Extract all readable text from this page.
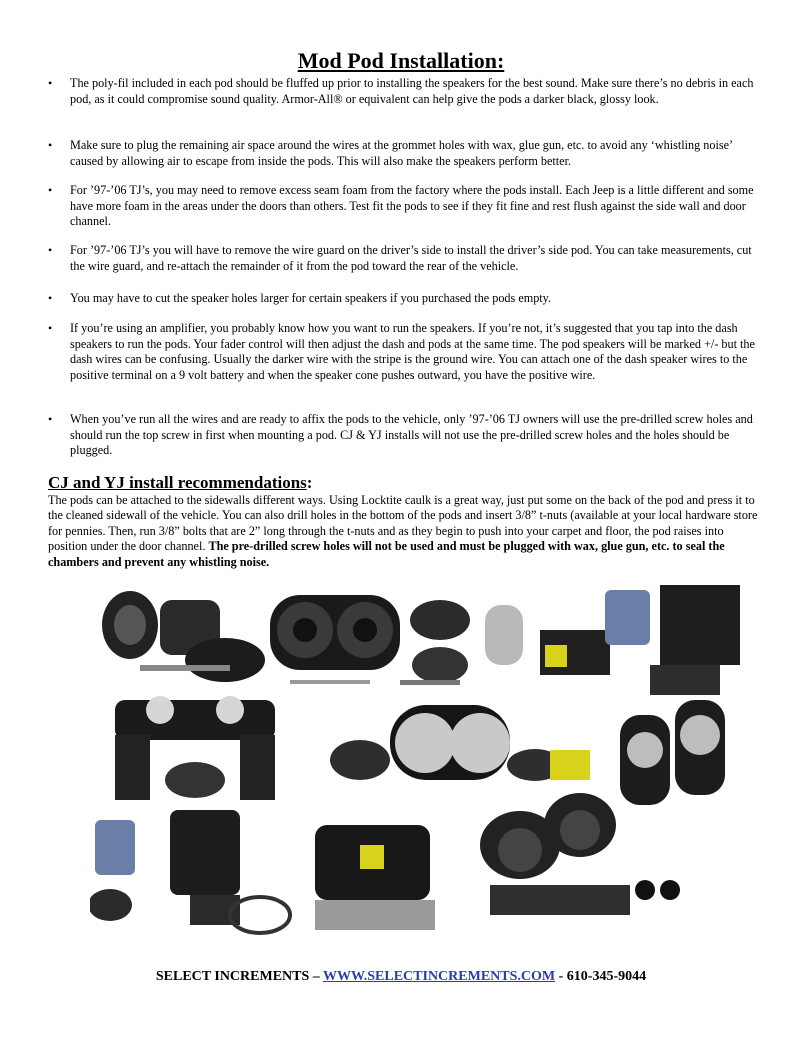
Mod Pod Installation:
• The poly-fil included in each pod should be fluffed up prior to installing the speakers for the best sound. Make sure there’s no debris in each pod, as it could compromise sound quality. Armor-All® or equivalent can help give the pods a darker black, glossy look.
• Make sure to plug the remaining air space around the wires at the grommet holes with wax, glue gun, etc. to avoid any ‘whistling noise’ caused by allowing air to escape from inside the pods. This will also make the speakers perform better.
• For ’97-’06 TJ’s, you may need to remove excess seam foam from the factory where the pods install. Each Jeep is a little different and some have more foam in the areas under the doors than others. Test fit the pods to see if they fit fine and rest flush against the side wall and door channel.
• For ’97-’06 TJ’s you will have to remove the wire guard on the driver’s side to install the driver’s side pod. You can take measurements, cut the wire guard, and re-attach the remainder of it from the pod toward the rear of the vehicle.
• You may have to cut the speaker holes larger for certain speakers if you purchased the pods empty.
• If you’re using an amplifier, you probably know how you want to run the speakers. If you’re not, it’s suggested that you tap into the dash speakers to run the pods. Your fader control will then adjust the dash and pods at the same time. The pod speakers will be marked +/- but the dash wires can be confusing. Usually the darker wire with the stripe is the ground wire. You can attach one of the dash speaker wires to the positive terminal on a 9 volt battery and when the speaker cone pushes outward, you have the positive wire.
• When you’ve run all the wires and are ready to affix the pods to the vehicle, only ’97-’06 TJ owners will use the pre-drilled screw holes and should run the top screw in first when mounting a pod. CJ & YJ installs will not use the pre-drilled screw holes and the holes should be plugged.
CJ and YJ install recommendations:
The pods can be attached to the sidewalls different ways. Using Locktite caulk is a great way, just put some on the back of the pod and press it to the cleaned sidewall of the vehicle. You can also drill holes in the bottom of the pods and insert 3/8” t-nuts (available at your local hardware store for pennies. Then, run 3/8” bolts that are 2” long through the t-nuts and as they begin to push into your carpet and floor, the pod raises into position under the door channel. The pre-drilled screw holes will not be used and must be plugged with wax, glue gun, etc. to seal the chambers and prevent any whistling noise.
SELECT INCREMENTS – WWW.SELECTINCREMENTS.COM - 610-345-9044
